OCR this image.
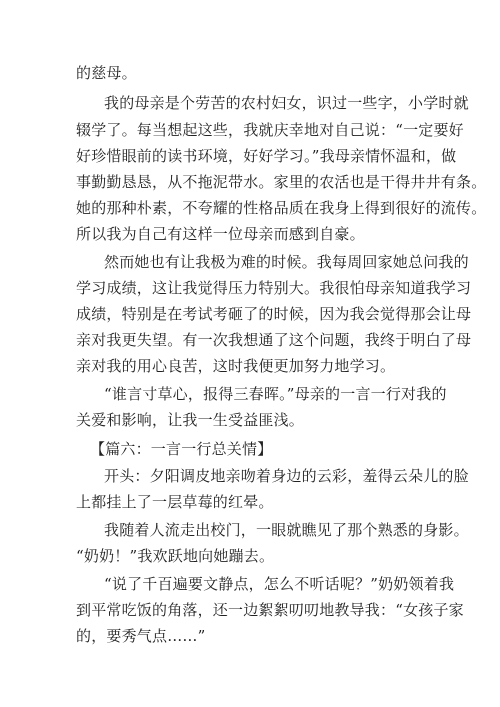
的慈母。
我的母亲是个劳苦的农村妇女，识过一些字，小学时就
辍学了。每当想起这些，我就庆幸地对自己说：“一定要好
好珍惜眼前的读书环境，好好学习。”我母亲情怀温和，做
事勤勤恳恳，从不拖泥带水。家里的农活也是干得井井有条。
她的那种朴素，不夸耀的性格品质在我身上得到很好的流传。
所以我为自己有这样一位母亲而感到自豪。
然而她也有让我极为难的时候。我每周回家她总问我的
学习成绩，这让我觉得压力特别大。我很怕母亲知道我学习
成绩，特别是在考试考砸了的时候，因为我会觉得那会让母
亲对我更失望。有一次我想通了这个问题，我终于明白了母
亲对我的用心良苦，这时我便更加努力地学习。
“谁言寸草心，报得三春晖。”母亲的一言一行对我的
关爱和影响，让我一生受益匪浅。
【篇六：一言一行总关情】
开头：夕阳调皮地亲吻着身边的云彩，羞得云朵儿的脸
上都挂上了一层草莓的红晕。
我随着人流走出校门，一眼就瞧见了那个熟悉的身影。
“奶奶！”我欢跃地向她蹦去。
“说了千百遍要文静点，怎么不听话呢？”奶奶领着我
到平常吃饭的角落，还一边絮絮叨叨地教导我：“女孩子家
的，要秀气点……”
